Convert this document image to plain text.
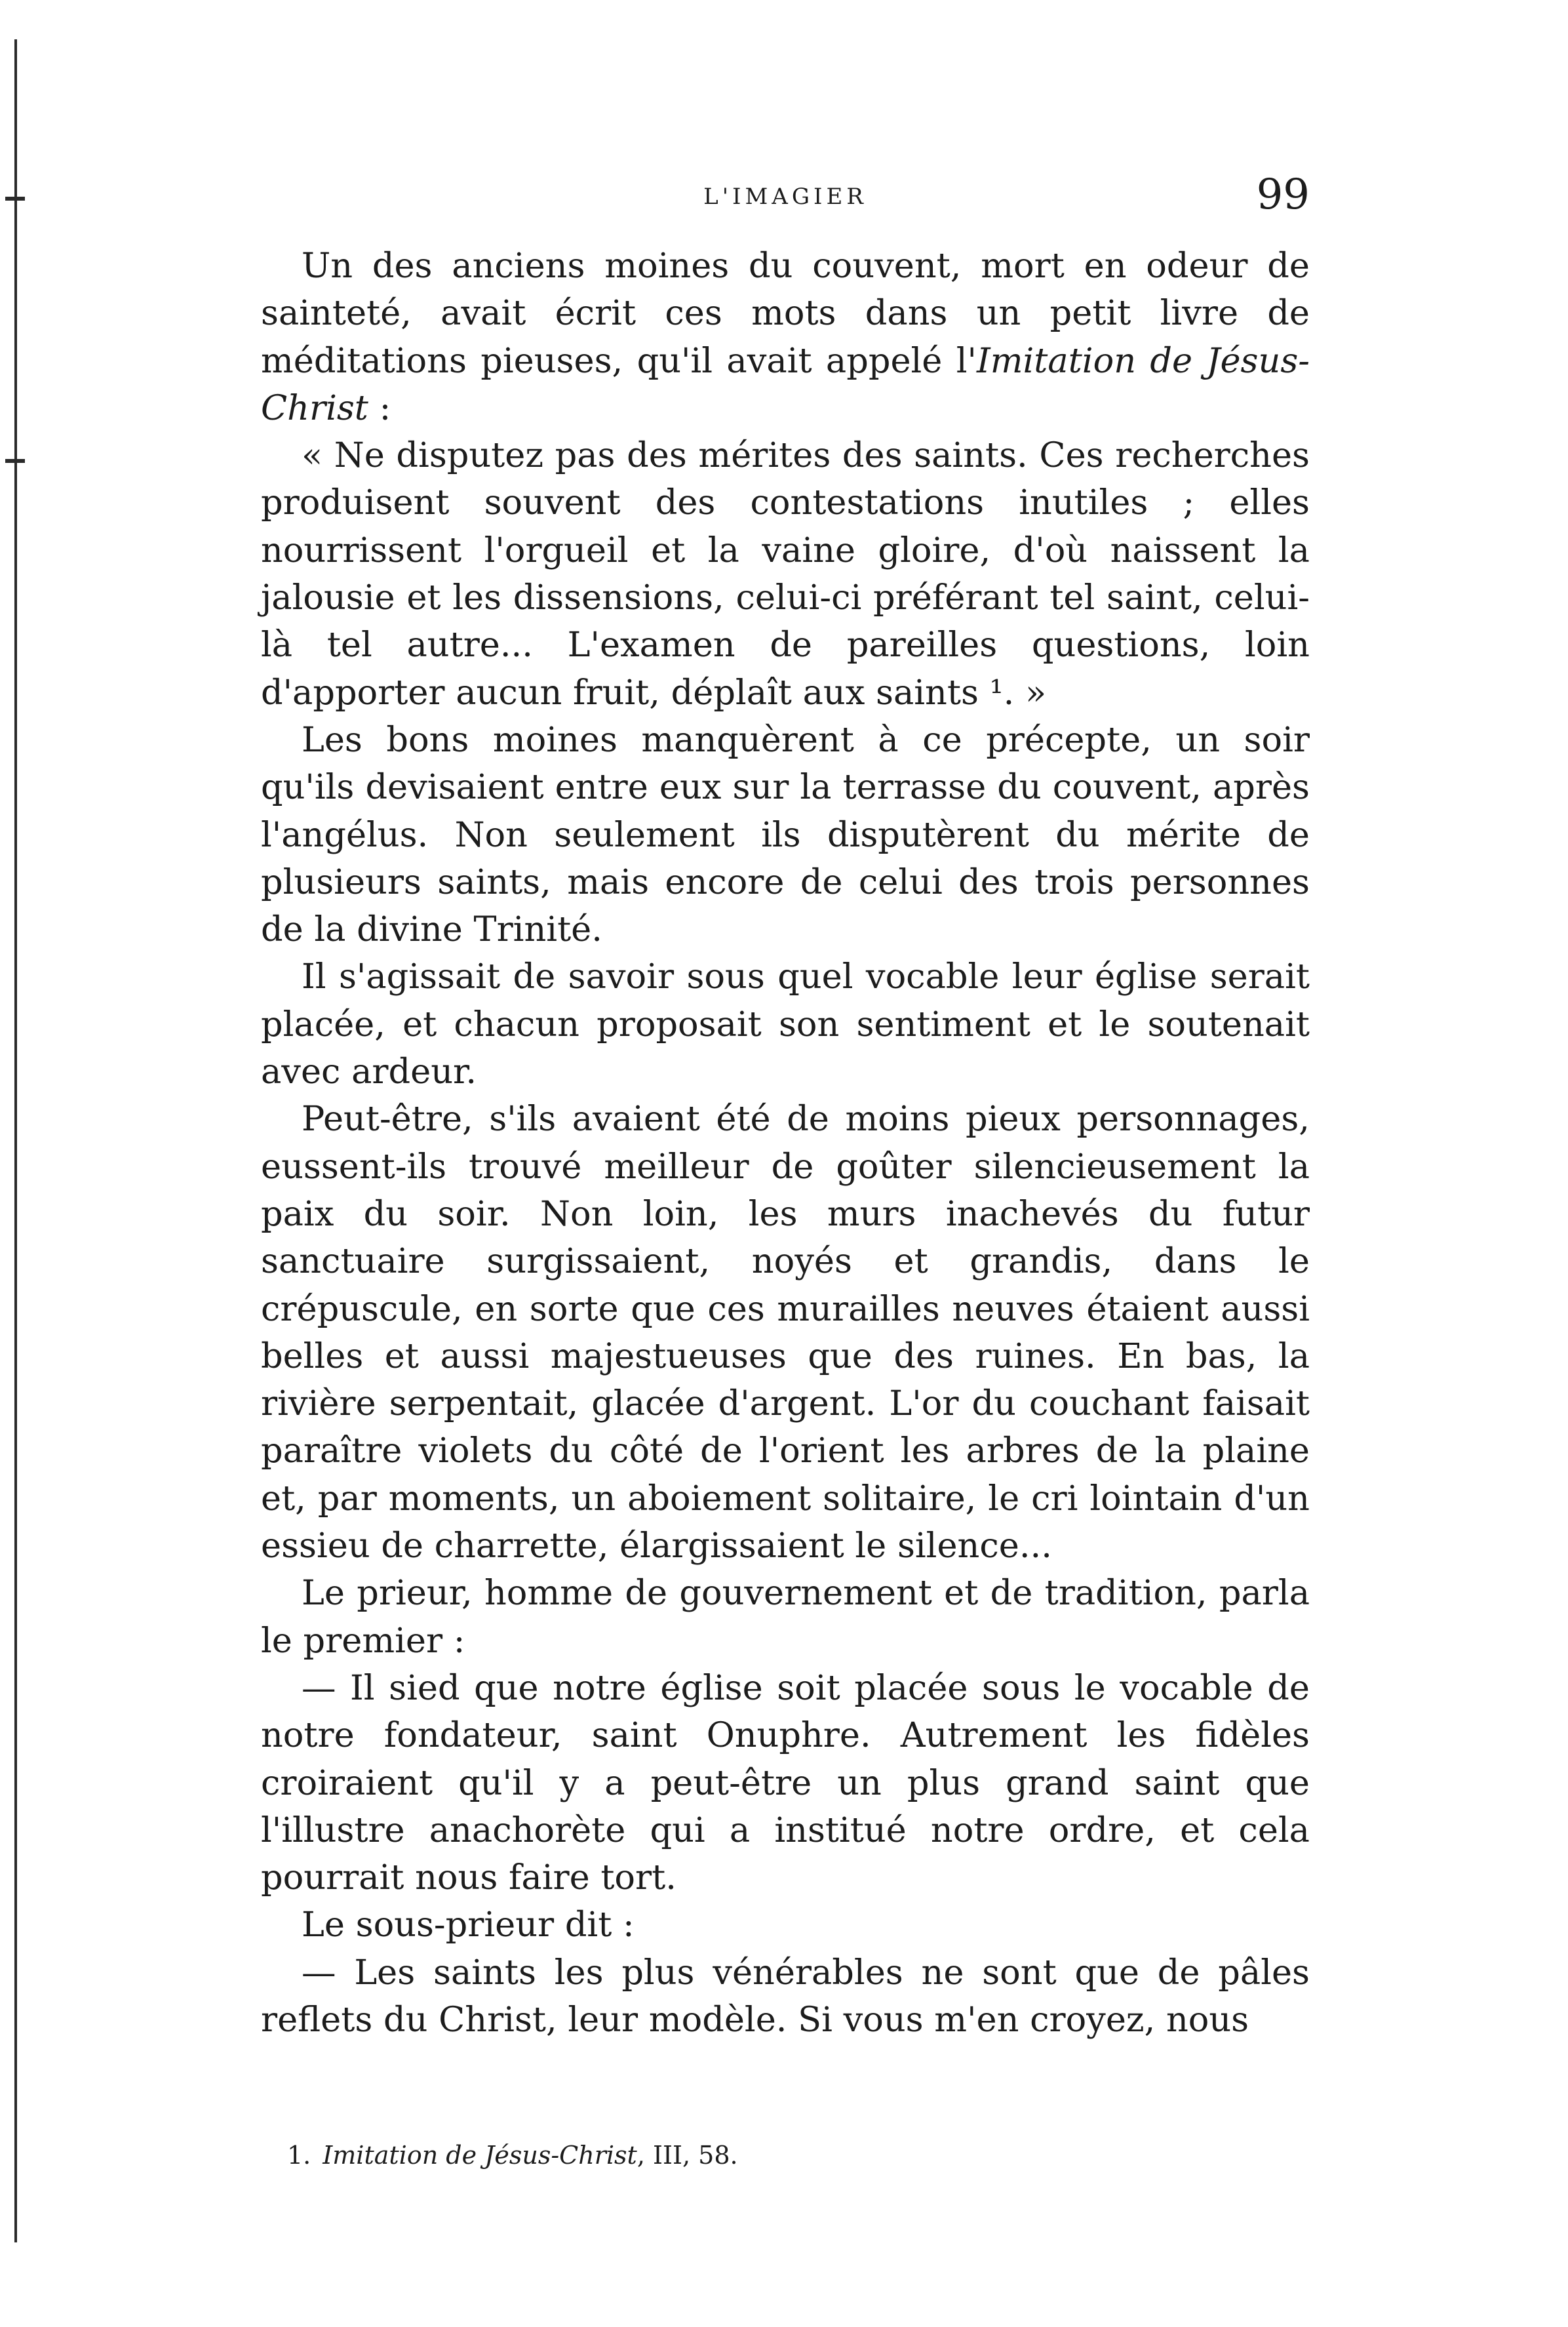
L'IMAGIER	99

Un des anciens moines du couvent, mort en odeur de sainteté, avait écrit ces mots dans un petit livre de méditations pieuses, qu'il avait appelé l'Imitation de Jésus-Christ :

« Ne disputez pas des mérites des saints. Ces recherches produisent souvent des contestations inutiles ; elles nourrissent l'orgueil et la vaine gloire, d'où naissent la jalousie et les dissensions, celui-ci préférant tel saint, celui-là tel autre... L'examen de pareilles questions, loin d'apporter aucun fruit, déplaît aux saints ¹. »

Les bons moines manquèrent à ce précepte, un soir qu'ils devisaient entre eux sur la terrasse du couvent, après l'angélus. Non seulement ils disputèrent du mérite de plusieurs saints, mais encore de celui des trois personnes de la divine Trinité.

Il s'agissait de savoir sous quel vocable leur église serait placée, et chacun proposait son sentiment et le soutenait avec ardeur.

Peut-être, s'ils avaient été de moins pieux personnages, eussent-ils trouvé meilleur de goûter silencieusement la paix du soir. Non loin, les murs inachevés du futur sanctuaire surgissaient, noyés et grandis, dans le crépuscule, en sorte que ces murailles neuves étaient aussi belles et aussi majestueuses que des ruines. En bas, la rivière serpentait, glacée d'argent. L'or du couchant faisait paraître violets du côté de l'orient les arbres de la plaine et, par moments, un aboiement solitaire, le cri lointain d'un essieu de charrette, élargissaient le silence...

Le prieur, homme de gouvernement et de tradition, parla le premier :

— Il sied que notre église soit placée sous le vocable de notre fondateur, saint Onuphre. Autrement les fidèles croiraient qu'il y a peut-être un plus grand saint que l'illustre anachorète qui a institué notre ordre, et cela pourrait nous faire tort.

Le sous-prieur dit :

— Les saints les plus vénérables ne sont que de pâles reflets du Christ, leur modèle. Si vous m'en croyez, nous

1. Imitation de Jésus-Christ, III, 58.
